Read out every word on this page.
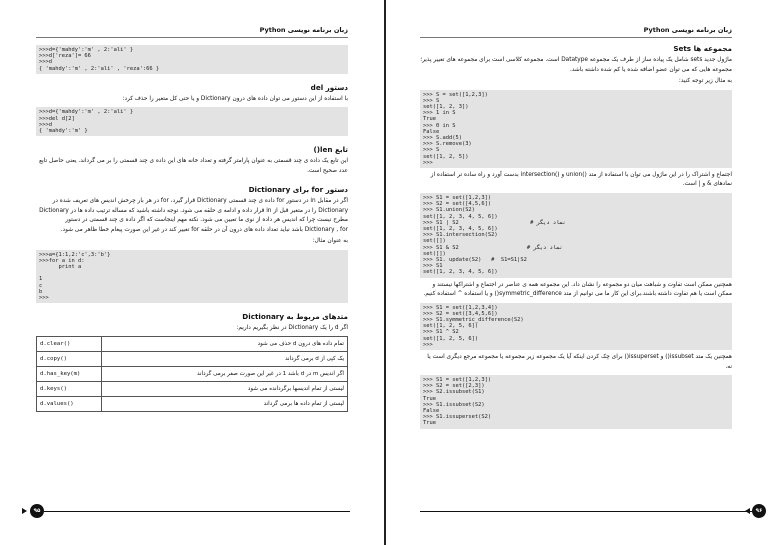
زبان برنامه نویسی Python
>>>d={'mahdy':'m' , 2:'ali' }
>>>d['reza']= 66
>>>d
{ 'mahdy':'m' , 2:'ali' , 'reza':66 }
دستور del
با استفاده از این دستور می توان داده های درون Dictionary و یا حتی کل متغیر را حذف کرد:
>>>d={'mahdy':'m' , 2:'ali' }
>>>del d[2]
>>>d
{ 'mahdy':'m' }
تابع len()
این تابع یک داده ی چند قسمتی به عنوان پارامتر گرفته و تعداد خانه های این داده ی چند قسمتی را بر می گرداند. یعنی حاصل تابع عدد صحیح است.
دستور for برای Dictionary
اگر در مقابل in در دستور for داده ی چند قسمتی Dictionary قرار گیرد، for در هر بار چرخش اندیس های تعریف شده در Dictionary را در متغیر قبل از in قرار داده و ادامه ی حلقه می شود. توجه داشته باشید که مساله ترتیب داده ها در Dictionary مطرح نیست چرا که اندیس هر داده از نوی ما تعیین می شود. نکته مهم اینجاست که اگر داده ی چند قسمتی در دستور Dictionary , for باشد نباید تعداد داده های درون آن در حلقه for تغییر کند در غیر این صورت پیغام خطا ظاهر می شود.
به عنوان مثال:
>>>a={1:1,2:'c',3:'b'}
>>>for a in d:
print a

1
c
b
>>>
متدهای مربوط به Dictionary
اگر d را یک Dictionary در نظر بگیریم داریم:
d.clear()	تمام داده های درون d حذف می شود
d.copy()	یک کپی از d برمی گرداند
d.has_key(m)	اگر اندیس m در d باشد 1 در غیر این صورت صفر برمی گرداند
d.keys()	لیستی از تمام اندیسها برگردانده می شود
d.values()	لیستی از تمام داده ها برمی گرداند
۹۵
زبان برنامه نویسی Python
مجموعه ها Sets
ماژول جدید sets شامل یک پیاده ساز از طرف یک مجموعه Datatype است. مجموعه کلاسی است برای مجموعه های تغییر پذیر؛ مجموعه هایی که می توان عضو اضافه شده یا کم شده داشته باشد.
به مثال زیر توجه کنید:
>>> S = set([1,2,3])
>>> S
set([1, 2, 3])
>>> 1 in S
True
>>> 0 in S
False
>>> S.add(5)
>>> S.remove(3)
>>> S
set([1, 2, 5])
>>>
اجتماع و اشتراک را در این ماژول می توان با استفاده از متد ()union و ()intersection بدست آورد و راه ساده تر استفاده از نمادهای & و | است.
>>> S1 = set([1,2,3])
>>> S2 = set([4,5,6])
>>> S1.union(S2)
set([1, 2, 3, 4, 5, 6])
>>> S1 | S2                      # نماد دیگر
set([1, 2, 3, 4, 5, 6])
>>> S1.intersection(S2)
set([])
>>> S1 & S2                     # نماد دیگر
set([])
>>> S1. update(S2)   #  S1=S1|S2
>>> S1
set([1, 2, 3, 4, 5, 6])
همچنین ممکن است تفاوت و شباهت میان دو مجموعه را نشان داد. این مجموعه همه ی عناصر در اجتماع و اشتراکها نیستند و ممکن است یا هم تفاوت داشته باشند.برای این کار ما می توانیم از متد symmetric_difference() و یا استفاده ^ استفاده کنیم.
>>> S1 = set([1,2,3,4])
>>> S2 = set([3,4,5,6])
>>> S1.symmetric_difference(S2)
set([1, 2, 5, 6])
>>> S1 ^ S2
set([1, 2, 5, 6])
>>>
همچنین یک متد issubset() و issuperset() برای چک کردن اینکه آیا یک مجموعه زیر مجموعه یا مجموعه مرجع دیگری است یا نه.
>>> S1 = set([1,2,3])
>>> S2 = set([2,3])
>>> S2.issubset(S1)
True
>>> S1.issubset(S2)
False
>>> S1.issuperset(S2)
True
۹۶
